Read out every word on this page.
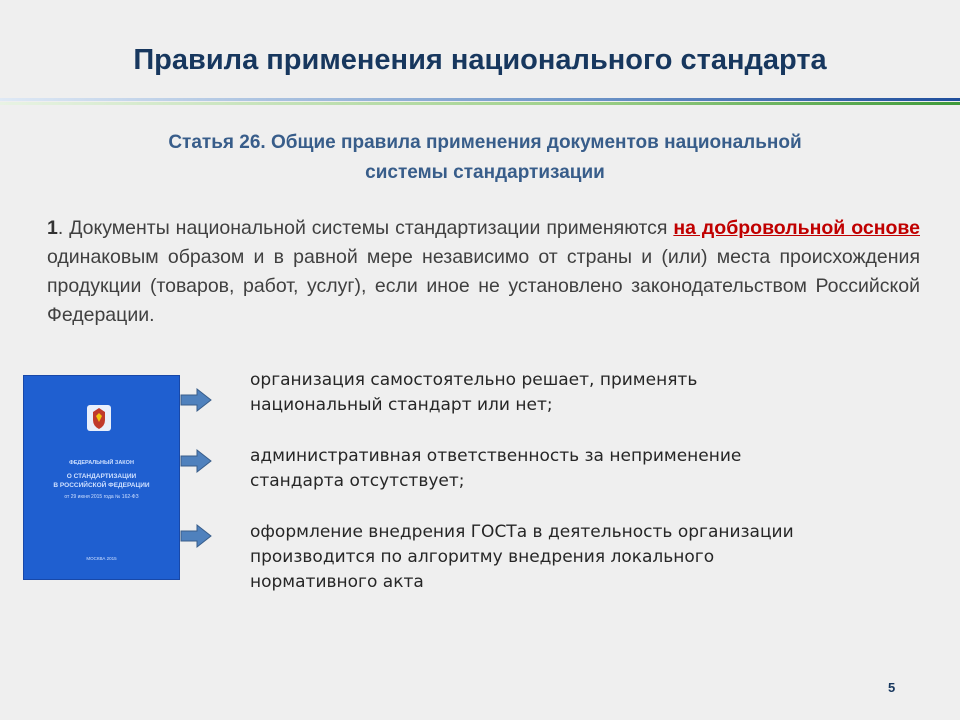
Правила применения национального стандарта
Статья 26. Общие правила применения документов национальной
системы стандартизации

1. Документы национальной системы стандартизации применяются на добровольной основе одинаковым образом и в равной мере независимо от страны и (или) места происхождения продукции (товаров, работ, услуг), если иное не установлено законодательством Российской Федерации.

ФЕДЕРАЛЬНЫЙ ЗАКОН
О СТАНДАРТИЗАЦИИ
В РОССИЙСКОЙ ФЕДЕРАЦИИ
от 29 июня 2015 года № 162-ФЗ
МОСКВА 2015
организация самостоятельно решает, применять
национальный стандарт или нет;
административная ответственность за неприменение
стандарта отсутствует;
оформление внедрения ГОСТа в деятельность организации
производится по алгоритму внедрения локального
нормативного акта
5
